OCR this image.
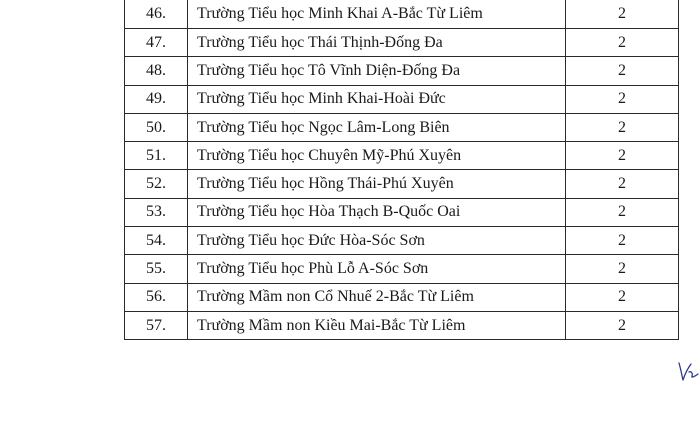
46.	Trường Tiểu học Minh Khai A-Bắc Từ Liêm	2
47.	Trường Tiểu học Thái Thịnh-Đống Đa	2
48.	Trường Tiểu học Tô Vĩnh Diện-Đống Đa	2
49.	Trường Tiểu học Minh Khai-Hoài Đức	2
50.	Trường Tiểu học Ngọc Lâm-Long Biên	2
51.	Trường Tiểu học Chuyên Mỹ-Phú Xuyên	2
52.	Trường Tiểu học Hồng Thái-Phú Xuyên	2
53.	Trường Tiểu học Hòa Thạch B-Quốc Oai	2
54.	Trường Tiểu học Đức Hòa-Sóc Sơn	2
55.	Trường Tiểu học Phù Lỗ A-Sóc Sơn	2
56.	Trường Mầm non Cổ Nhuế 2-Bắc Từ Liêm	2
57.	Trường Mầm non Kiều Mai-Bắc Từ Liêm	2
